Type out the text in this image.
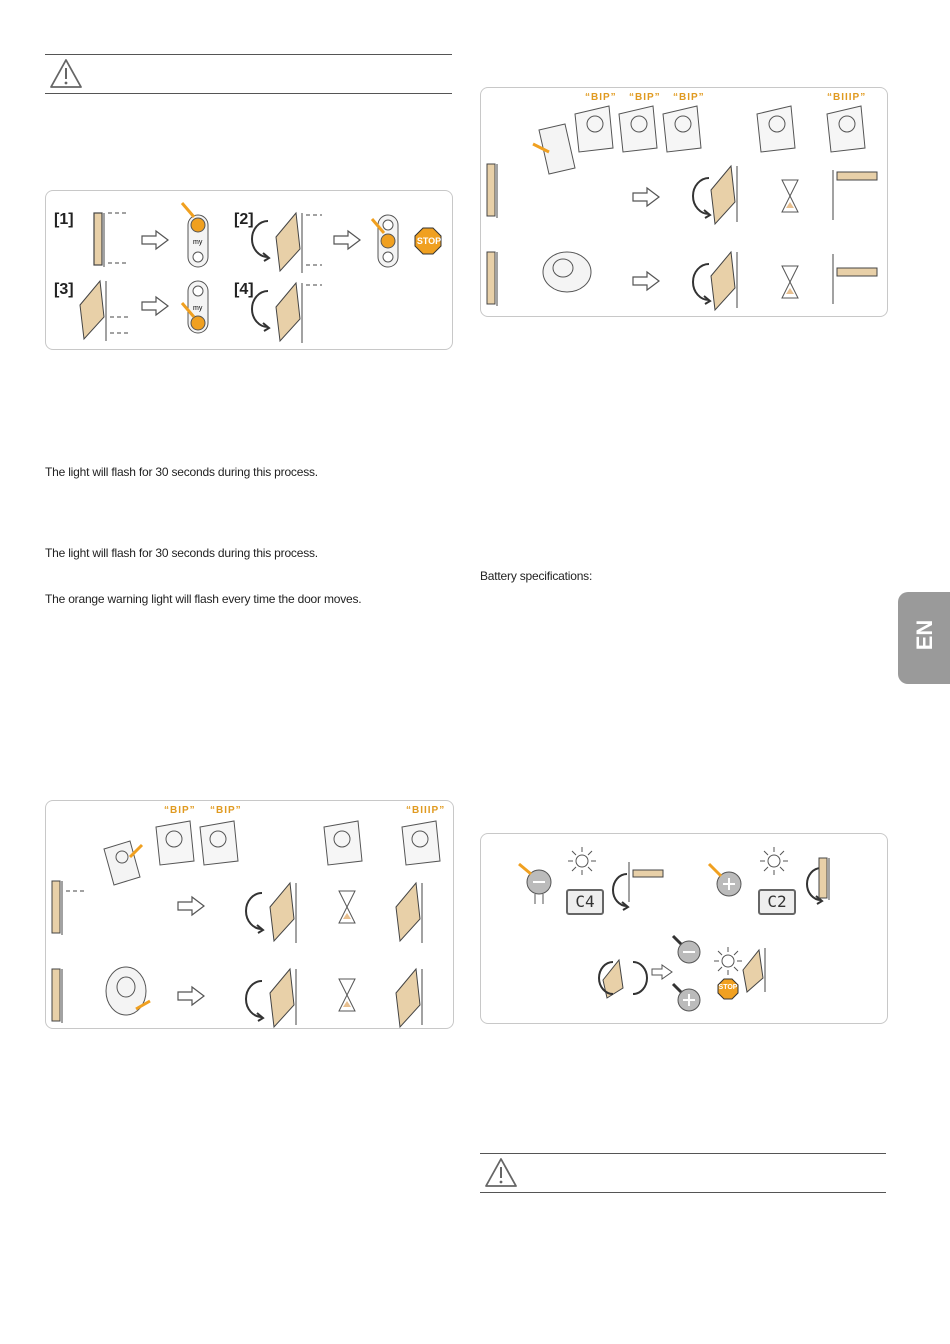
[1]	[2]
[3]	[4]
my	STOP
my
The light will flash for 30 seconds during this process.
The light will flash for 30 seconds during this process.
The orange warning light will flash every time the door moves.
“BIP” “BIP”	“BIIIP”
“BIP” “BIP” “BIP”	“BIIIP”
Battery specifications:
C4	C2
STOP
EN
